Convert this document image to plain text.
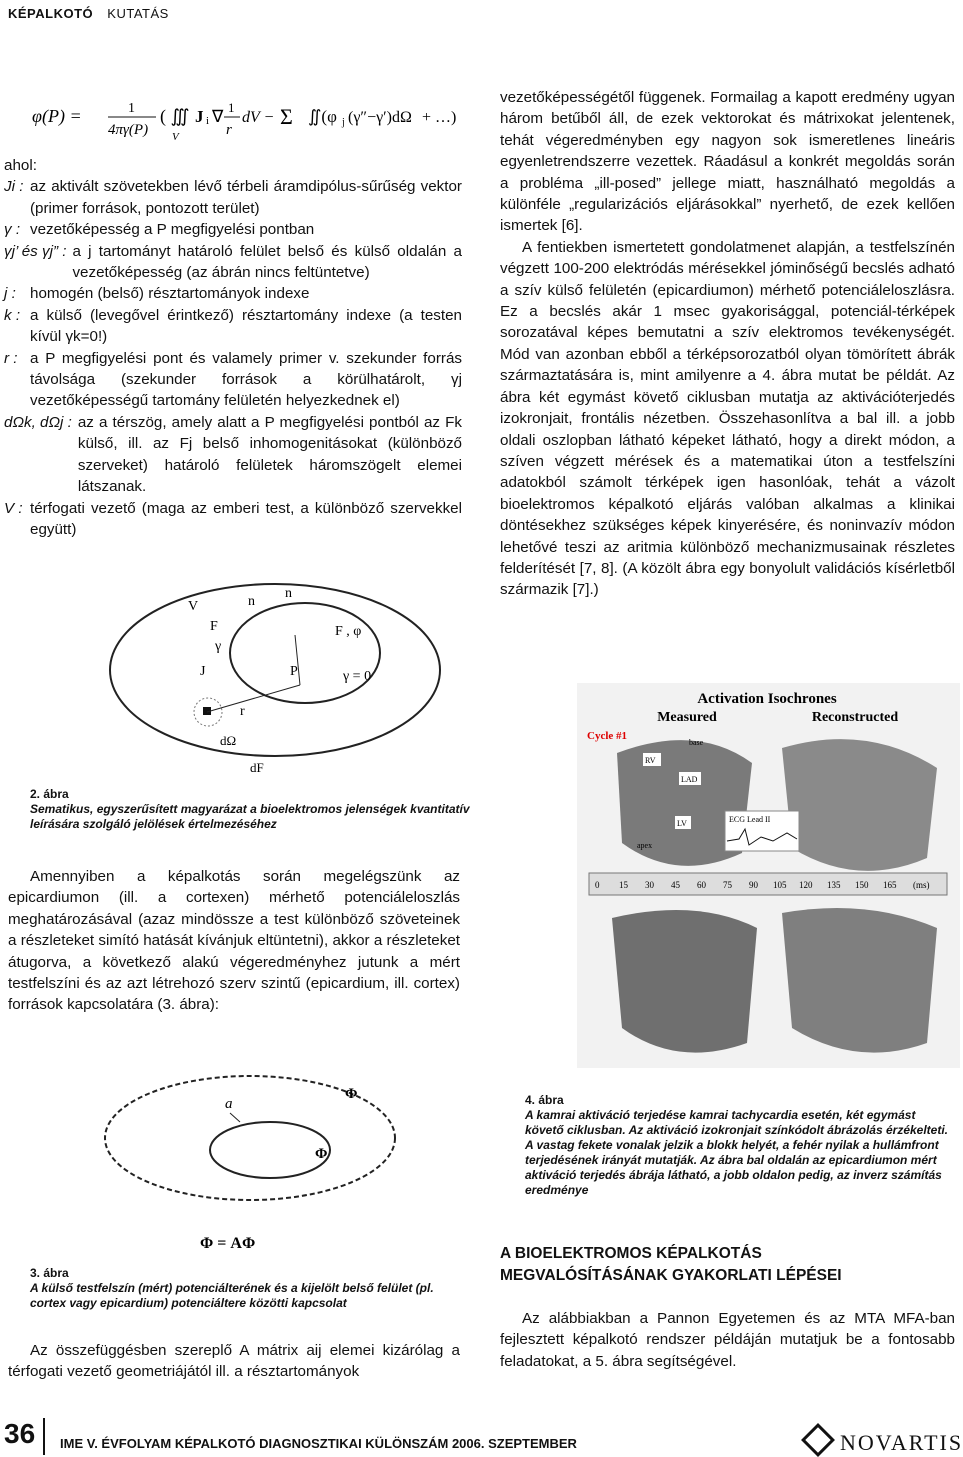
KÉPALKOTÓ KUTATÁS
φ(P) =	1
4πγ(P)
( ∭ J i ∇ 1
r
dV − Σ ∬(φ j (γ″−γ′)dΩ + …)
V
ahol:
Ji : az aktivált szövetekben lévő térbeli áramdipólus-sűrűség vektor (primer források, pontozott terület)
γ : vezetőképesség a P megfigyelési pontban
γj’ és γj” : a j tartományt határoló felület belső és külső oldalán a vezetőképesség (az ábrán nincs feltüntetve)
j : homogén (belső) résztartományok indexe
k : a külső (levegővel érintkező) résztartomány indexe (a testen kívül γk=0!)
r : a P megfigyelési pont és valamely primer v. szekunder forrás távolsága (szekunder források a körülhatárolt, γj vezetőképességű tartomány felületén helyezkednek el)
dΩk, dΩj : az a térszög, amely alatt a P megfigyelési pontból az Fk külső, ill. az Fj belső inhomogenitásokat (különböző szerveket) határoló felületek háromszögelt elemei látszanak.
V : térfogati vezető (maga az emberi test, a különböző szervekkel együtt)
V
F
γ
J
n
n
P
r
dΩ
dF
F , φ
γ = 0
2. ábra
Sematikus, egyszerűsített magyarázat a bioelektromos jelenségek kvantitatív leírására szolgáló jelölések értelmezéséhez

Amennyiben a képalkotás során megelégszünk az epicardiumon (ill. a cortexen) mérhető potenciáleloszlás meghatározásával (azaz mindössze a test különböző szöveteinek a részleteket simító hatását kívánjuk eltüntetni), akkor a részleteket átugorva, a következő alakú végeredményhez jutunk a mért testfelszíni és az azt létrehozó szerv szintű (epicardium, ill. cortex) források kapcsolatára (3. ábra):

a
Φ
Φ
Φ = AΦ
3. ábra
A külső testfelszín (mért) potenciálterének és a kijelölt belső felület (pl. cortex vagy epicardium) potenciáltere közötti kapcsolat

Az összefüggésben szereplő A mátrix aij elemei kizárólag a térfogati vezető geometriájától ill. a résztartományok

vezetőképességétől függenek. Formailag a kapott eredmény ugyan három betűből áll, de ezek vektorokat és mátrixokat jelentenek, tehát végeredményben egy nagyon sok ismeretlenes lineáris egyenletrendszerre vezettek. Ráadásul a konkrét megoldás során a probléma „ill-posed” jellege miatt, használható megoldás a különféle „regularizációs eljárásokkal” nyerhető, de ezek kellően ismertek [6].

A fentiekben ismertetett gondolatmenet alapján, a testfelszínén végzett 100-200 elektródás mérésekkel jóminőségű becslés adható a szív külső felületén (epicardiumon) mérhető potenciáleloszlásra. Ez a becslés akár 1 msec gyakorisággal, potenciál-térképek sorozatával képes bemutatni a szív elektromos tevékenységét. Mód van azonban ebből a térképsorozatból olyan tömörített ábrák származtatására is, mint amilyenre a 4. ábra mutat be példát. Az ábra két egymást követő ciklusban mutatja az aktivációterjedés izokronjait, frontális nézetben. Összehasonlítva a bal ill. a jobb oldali oszlopban látható képeket látható, hogy a direkt módon, a szíven végzett mérések és a matematikai úton a testfelszíni adatokból számolt térképek igen hasonlóak, tehát a vázolt bioelektromos képalkotó eljárás valóban alkalmas a klinikai döntésekhez szükséges képek kinyerésére, és noninvazív módon lehetővé teszi az aritmia különböző mechanizmusainak részletes felderítését [7, 8]. (A közölt ábra egy bonyolult validációs kísérletből származik [7].)

Activation Isochrones
Measured	Reconstructed
Cycle #1
RV
LAD
LV
apex
base
ECG Lead II
0 15 30 45 60 75 90 105 120 135 150 165 (ms)
4. ábra
A kamrai aktiváció terjedése kamrai tachycardia esetén, két egymást követő ciklusban. Az aktiváció izokronjait színkódolt ábrázolás érzékelteti. A vastag fekete vonalak jelzik a blokk helyét, a fehér nyilak a hullámfront terjedésének irányát mutatják. Az ábra bal oldalán az epicardiumon mért aktiváció terjedés ábrája látható, a jobb oldalon pedig, az inverz számítás eredménye
A BIOELEKTROMOS KÉPALKOTÁS
MEGVALÓSÍTÁSÁNAK GYAKORLATI LÉPÉSEI

Az alábbiakban a Pannon Egyetemen és az MTA MFA-ban fejlesztett képalkotó rendszer példáján mutatjuk be a fontosabb feladatokat, a 5. ábra segítségével.

36 IME V. ÉVFOLYAM KÉPALKOTÓ DIAGNOSZTIKAI KÜLÖNSZÁM 2006. SZEPTEMBER	NOVARTIS
